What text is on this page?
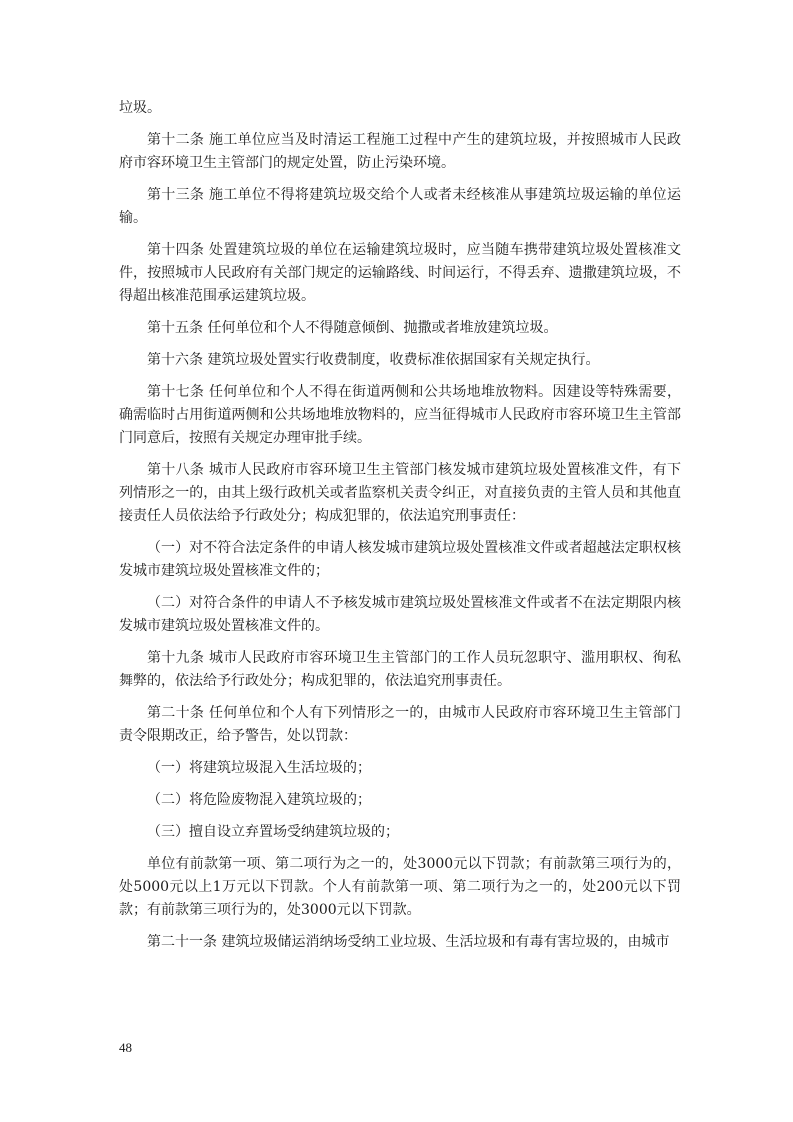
垃圾。

第十二条 施工单位应当及时清运工程施工过程中产生的建筑垃圾，并按照城市人民政府市容环境卫生主管部门的规定处置，防止污染环境。

第十三条 施工单位不得将建筑垃圾交给个人或者未经核准从事建筑垃圾运输的单位运输。

第十四条 处置建筑垃圾的单位在运输建筑垃圾时，应当随车携带建筑垃圾处置核准文件，按照城市人民政府有关部门规定的运输路线、时间运行，不得丢弃、遗撒建筑垃圾，不得超出核准范围承运建筑垃圾。

第十五条 任何单位和个人不得随意倾倒、抛撒或者堆放建筑垃圾。

第十六条 建筑垃圾处置实行收费制度，收费标准依据国家有关规定执行。

第十七条 任何单位和个人不得在街道两侧和公共场地堆放物料。因建设等特殊需要，确需临时占用街道两侧和公共场地堆放物料的，应当征得城市人民政府市容环境卫生主管部门同意后，按照有关规定办理审批手续。

第十八条 城市人民政府市容环境卫生主管部门核发城市建筑垃圾处置核准文件，有下列情形之一的，由其上级行政机关或者监察机关责令纠正，对直接负责的主管人员和其他直接责任人员依法给予行政处分；构成犯罪的，依法追究刑事责任：

（一）对不符合法定条件的申请人核发城市建筑垃圾处置核准文件或者超越法定职权核发城市建筑垃圾处置核准文件的；

（二）对符合条件的申请人不予核发城市建筑垃圾处置核准文件或者不在法定期限内核发城市建筑垃圾处置核准文件的。

第十九条 城市人民政府市容环境卫生主管部门的工作人员玩忽职守、滥用职权、徇私舞弊的，依法给予行政处分；构成犯罪的，依法追究刑事责任。

第二十条 任何单位和个人有下列情形之一的，由城市人民政府市容环境卫生主管部门责令限期改正，给予警告，处以罚款：

（一）将建筑垃圾混入生活垃圾的；

（二）将危险废物混入建筑垃圾的；

（三）擅自设立弃置场受纳建筑垃圾的；

单位有前款第一项、第二项行为之一的，处3000元以下罚款；有前款第三项行为的，处5000元以上1万元以下罚款。个人有前款第一项、第二项行为之一的，处200元以下罚款；有前款第三项行为的，处3000元以下罚款。

第二十一条 建筑垃圾储运消纳场受纳工业垃圾、生活垃圾和有毒有害垃圾的，由城市

48
